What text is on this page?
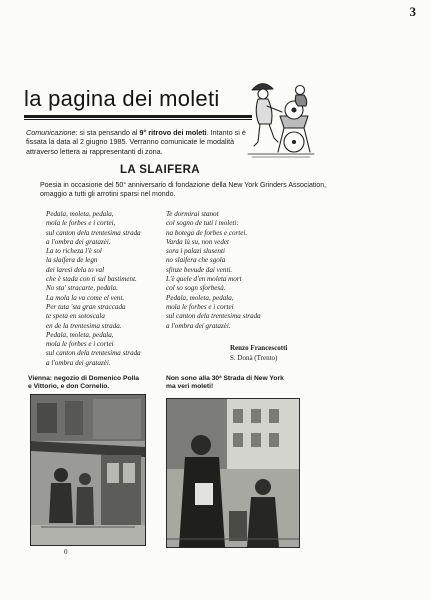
3
la pagina dei moleti
Comunicazione: si sta pensando al 9° ritrovo dei moleti. Intanto si è fissata la data al 2 giugno 1985. Verranno comunicate le modalità attraverso lettera ai rappresentanti di zona.
LA SLAIFERA
Poesia in occasione del 50° anniversario di fondazione della New York Grinders Association, omaggio a tutti gli arrotini sparsi nel mondo.
Pedala, moleta, pedala,
mola le forbes e i cortei,
sul canton dela trentesima strada
a l'ombra dei gratazèi.
La to richeza l'è sol
la slaifera de legn
dei laresi dela to val
che è stada con ti sul bastiment.
No sta' stracarte, pedala.
La mola la va come el vent.
Per tuta 'sta gran straccada
te speta en sotoscala
en de la trentesima strada.
Pedala, moleta, pedala,
mola le forbes e i cortei
sul canton dela trentesima strada
a l'ombra dei gratazèi.
Te dormirai stanot
col sogno de tuti i moleti:
na botega de forbes e cortei.
Varda lù su, non vedet
sora i palazi slusenti
no slaifera che sgola
sfinze bevude dai venti.
L'è quele d'en moleta mort
col so sogn sforbesà.
Pedala, moleta, pedala,
mola le forbes e i cortei
sul canton dela trentesima strada
a l'ombra dei gratazèi.
Renzo Francescotti
S. Donà (Trento)
Vienna: negozio di Domenico Polla e Vittorio, e don Cornelio.
Non sono alla 30ª Strada di New York ma veri moleti!
0
